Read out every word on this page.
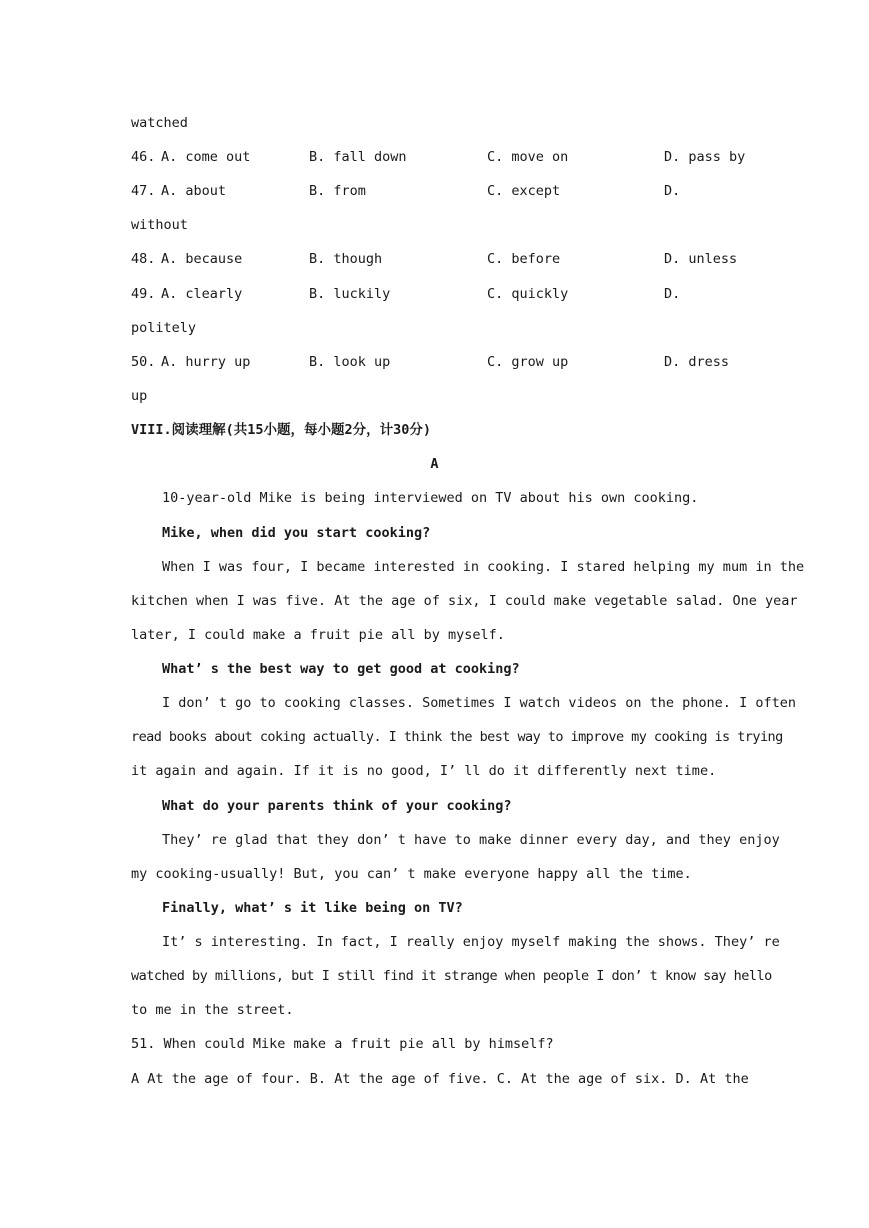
watched
46. A. come out	B. fall down	C. move on	D. pass by
47. A. about	B. from	C. except	D.
without
48. A. because	B. though	C. before	D. unless
49. A. clearly	B. luckily	C. quickly	D.
politely
50. A. hurry up	B. look up	C. grow up	D. dress
up
VIII.阅读理解(共15小题，每小题2分，计30分)
A
10-year-old Mike is being interviewed on TV about his own cooking.
Mike, when did you start cooking?
When I was four, I became interested in cooking. I stared helping my mum in the
kitchen when I was five. At the age of six, I could make vegetable salad. One year
later, I could make a fruit pie all by myself.
What’ s the best way to get good at cooking?
I don’ t go to cooking classes. Sometimes I watch videos on the phone. I often
read books about coking actually. I think the best way to improve my cooking is trying
it again and again. If it is no good, I’ ll do it differently next time.
What do your parents think of your cooking?
They’ re glad that they don’ t have to make dinner every day, and they enjoy
my cooking-usually! But, you can’ t make everyone happy all the time.
Finally, what’ s it like being on TV?
It’ s interesting. In fact, I really enjoy myself making the shows. They’ re
watched by millions, but I still find it strange when people I don’ t know say hello
to me in the street.
51. When could Mike make a fruit pie all by himself?
A At the age of four. B. At the age of five. C. At the age of six. D. At the
